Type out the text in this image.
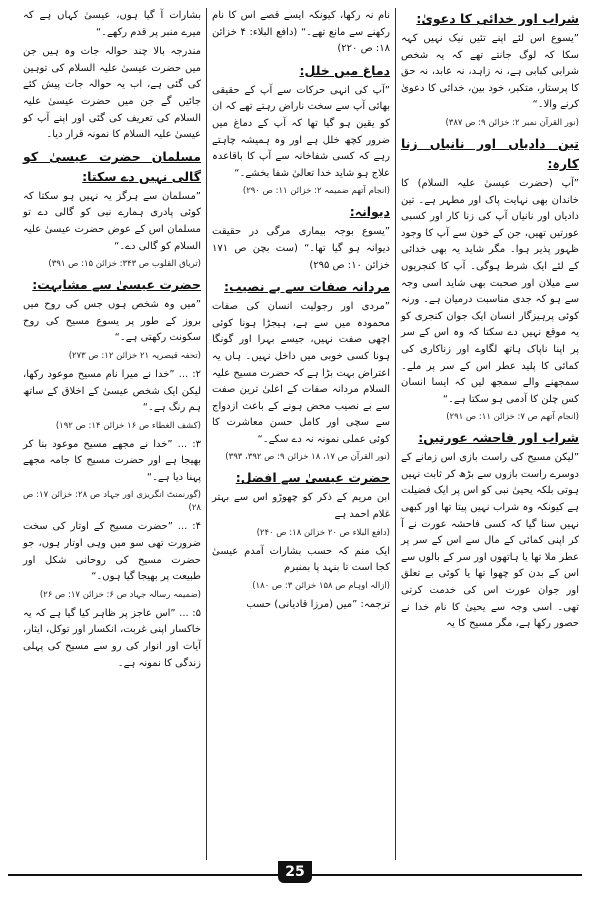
شراب اور خدائی کا دعویٰ:
”یسوع اس لئے اپنے تئیں نیک نہیں کہہ سکا کہ لوگ جانتے تھے کہ یہ شخص شرابی کبابی ہے، نہ زاہد، نہ عابد، نہ حق کا پرستار، متکبر، خود بین، خدائی کا دعویٰ کرنے والا۔“
(نور القرآن نمبر ۲: خزائن ۹: ص ۳۸۷)
تین دادیاں اور نانیاں زنا کارہ:
”آپ (حضرت عیسیٰ علیہ السلام) کا خاندان بھی نہایت پاک اور مطہر ہے۔ تین دادیاں اور نانیاں آپ کی زنا کار اور کسبی عورتیں تھیں، جن کے خون سے آپ کا وجود ظہور پذیر ہوا۔ مگر شاید یہ بھی خدائی کے لئے ایک شرط ہوگی۔ آپ کا کنجریوں سے میلان اور صحبت بھی شاید اسی وجہ سے ہو کہ جدی مناسبت درمیان ہے۔ ورنہ کوئی پرہیزگار انسان ایک جوان کنجری کو یہ موقع نہیں دے سکتا کہ وہ اس کے سر پر اپنا ناپاک ہاتھ لگاوے اور زناکاری کی کمائی کا پلید عطر اس کے سر پر ملے۔ سمجھنے والے سمجھ لیں کہ ایسا انسان کس چلن کا آدمی ہو سکتا ہے۔“
(انجام آتھم ص ۷: خزائن ۱۱: ص ۲۹۱)
شراب اور فاحشہ عورتیں:
”لیکن مسیح کی راست بازی اس زمانے کے دوسرے راست بازوں سے بڑھ کر ثابت نہیں ہوتی بلکہ یحییٰ نبی کو اس پر ایک فضیلت ہے کیونکہ وہ شراب نہیں پیتا تھا اور کبھی نہیں سنا گیا کہ کسی فاحشہ عورت نے آ کر اپنی کمائی کے مال سے اس کے سر پر عطر ملا تھا یا ہاتھوں اور سر کے بالوں سے اس کے بدن کو چھوا تھا یا کوئی بے تعلق اور جوان عورت اس کی خدمت کرتی تھی۔ اسی وجہ سے یحییٰ کا نام خدا نے حصور رکھا ہے، مگر مسیح کا یہ
نام نہ رکھا، کیونکہ ایسے قصے اس کا نام رکھنے سے مانع تھے۔“ (دافع البلاء: ۴ خزائن ۱۸: ص ۲۲۰)
دماغ میں خلل:
”آپ کی انہی حرکات سے آپ کے حقیقی بھائی آپ سے سخت ناراض رہتے تھے کہ ان کو یقین ہو گیا تھا کہ آپ کے دماغ میں ضرور کچھ خلل ہے اور وہ ہمیشہ چاہتے رہے کہ کسی شفاخانہ سے آپ کا باقاعدہ علاج ہو شاید خدا تعالیٰ شفا بخشے۔“
(انجام آتھم ضمیمہ ۲: خزائن ۱۱: ص ۲۹۰)
دیوانہ:
”یسوع بوجہ بیماری مرگی در حقیقت دیوانہ ہو گیا تھا۔“ (ست بچن ص ۱۷۱ خزائن ۱۰: ص ۲۹۵)
مردانہ صفات سے بے نصیب:
”مردی اور رجولیت انسان کی صفات محمودہ میں سے ہے، ہیجڑا ہونا کوئی اچھی صفت نہیں، جیسے بہرا اور گونگا ہونا کسی خوبی میں داخل نہیں۔ ہاں یہ اعتراض بہت بڑا ہے کہ حضرت مسیح علیہ السلام مردانہ صفات کے اعلیٰ ترین صفت سے بے نصیب محض ہونے کے باعث ازدواج سے سچی اور کامل حسن معاشرت کا کوئی عملی نمونہ نہ دے سکے۔“
(نور القرآن ص ۱۷، ۱۸ خزائن ۹: ص ۳۹۲، ۳۹۳)
حضرت عیسیٰ سے افضل:
ابن مریم کے ذکر کو چھوڑو اس سے بہتر غلام احمد ہے
(دافع البلاء ص ۲۰ خزائن ۱۸: ص ۲۴۰)
ایک منم کہ حسب بشارات آمدم عیسیٰ کجا است تا بنہد پا بمنبرم
(ازالہ اوہام ص ۱۵۸ خزائن ۳: ص ۱۸۰)
ترجمہ: ”میں (مرزا قادیانی) حسب
بشارات آ گیا ہوں، عیسیٰ کہاں ہے کہ میرے منبر پر قدم رکھے۔“
مندرجہ بالا چند حوالہ جات وہ ہیں جن میں حضرت عیسیٰ علیہ السلام کی توہین کی گئی ہے، اب یہ حوالہ جات پیش کئے جائیں گے جن میں حضرت عیسیٰ علیہ السلام کی تعریف کی گئی اور اپنے آپ کو عیسیٰ علیہ السلام کا نمونہ قرار دیا۔
مسلمان حضرت عیسیٰ کو گالی نہیں دے سکتا:
”مسلمان سے ہرگز یہ نہیں ہو سکتا کہ کوئی پادری ہمارے نبی کو گالی دے تو مسلمان اس کے عوض حضرت عیسیٰ علیہ السلام کو گالی دے۔“
(تریاق القلوب ص ۳۴۳: خزائن ۱۵: ص ۳۹۱)
حضرت عیسیٰ سے مشابہت:
”میں وہ شخص ہوں جس کی روح میں بروز کے طور پر یسوع مسیح کی روح سکونت رکھتی ہے۔“
(تحفہ قیصریہ ۲۱ خزائن ۱۲: ص ۲۷۳)
۲: ... ”خدا نے میرا نام مسیح موعود رکھا، لیکن ایک شخص عیسیٰ کے اخلاق کے ساتھ ہم رنگ ہے۔“
(کشف الغطاء ص ۱۶ خزائن ۱۴: ص ۱۹۲)
۳: ... ”خدا نے مجھے مسیح موعود بنا کر بھیجا ہے اور حضرت مسیح کا جامہ مجھے پہنا دیا ہے۔“
(گورنمنٹ انگریزی اور جہاد ص ۲۸: خزائن ۱۷: ص ۲۸)
۴: ... ”حضرت مسیح کے اوتار کی سخت ضرورت تھی سو میں وہی اوتار ہوں، جو حضرت مسیح کی روحانی شکل اور طبیعت پر بھیجا گیا ہوں۔“
(ضمیمہ رسالہ جہاد ص ۶: خزائن ۱۷: ص ۲۶)
۵: ... ”اس عاجز پر ظاہر کیا گیا ہے کہ یہ خاکسار اپنی غربت، انکسار اور توکل، ایثار، آیات اور انوار کی رو سے مسیح کی پہلی زندگی کا نمونہ ہے۔
25
